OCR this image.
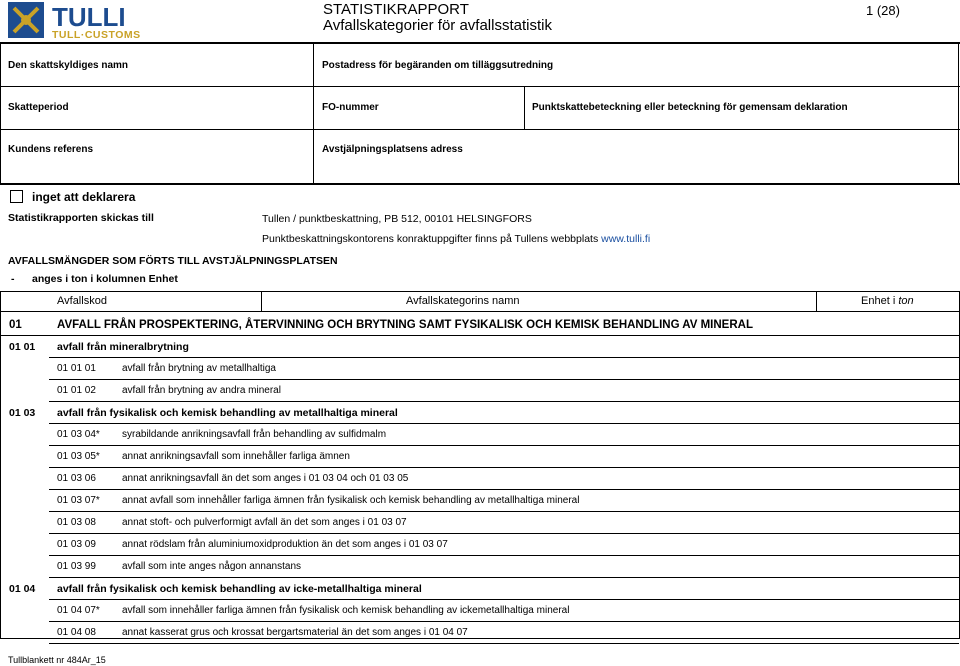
TULLI
TULL·CUSTOMS
STATISTIKRAPPORT
Avfallskategorier för avfallsstatistik
1 (28)
Den skattskyldiges namn	Postadress för begäranden om tilläggsutredning
Skatteperiod	FO-nummer	Punktskattebeteckning eller beteckning för gemensam deklaration
Kundens referens	Avstjälpningsplatsens adress
inget att deklarera
Statistikrapporten skickas till	Tullen / punktbeskattning, PB 512, 00101 HELSINGFORS
Punktbeskattningskontorens konraktuppgifter finns på Tullens webbplats www.tulli.fi
AVFALLSMÄNGDER SOM FÖRTS TILL AVSTJÄLPNINGSPLATSEN
- anges i ton i kolumnen Enhet
Avfallskod	Avfallskategorins namn	Enhet i ton
01	AVFALL FRÅN PROSPEKTERING, ÅTERVINNING OCH BRYTNING SAMT FYSIKALISK OCH KEMISK BEHANDLING AV MINERAL
01 01 avfall från mineralbrytning
01 01 01	avfall från brytning av metallhaltiga
01 01 02	avfall från brytning av andra mineral
01 03 avfall från fysikalisk och kemisk behandling av metallhaltiga mineral
01 03 04* syrabildande anrikningsavfall från behandling av sulfidmalm
01 03 05* annat anrikningsavfall som innehåller farliga ämnen
01 03 06	annat anrikningsavfall än det som anges i 01 03 04 och 01 03 05
01 03 07* annat avfall som innehåller farliga ämnen från fysikalisk och kemisk behandling av metallhaltiga mineral
01 03 08	annat stoft- och pulverformigt avfall än det som anges i 01 03 07
01 03 09	annat rödslam från aluminiumoxidproduktion än det som anges i 01 03 07
01 03 99	avfall som inte anges någon annanstans
01 04 avfall från fysikalisk och kemisk behandling av icke-metallhaltiga mineral
01 04 07* avfall som innehåller farliga ämnen från fysikalisk och kemisk behandling av ickemetallhaltiga mineral
01 04 08	annat kasserat grus och krossat bergartsmaterial än det som anges i 01 04 07
Tullblankett nr 484Ar_15
